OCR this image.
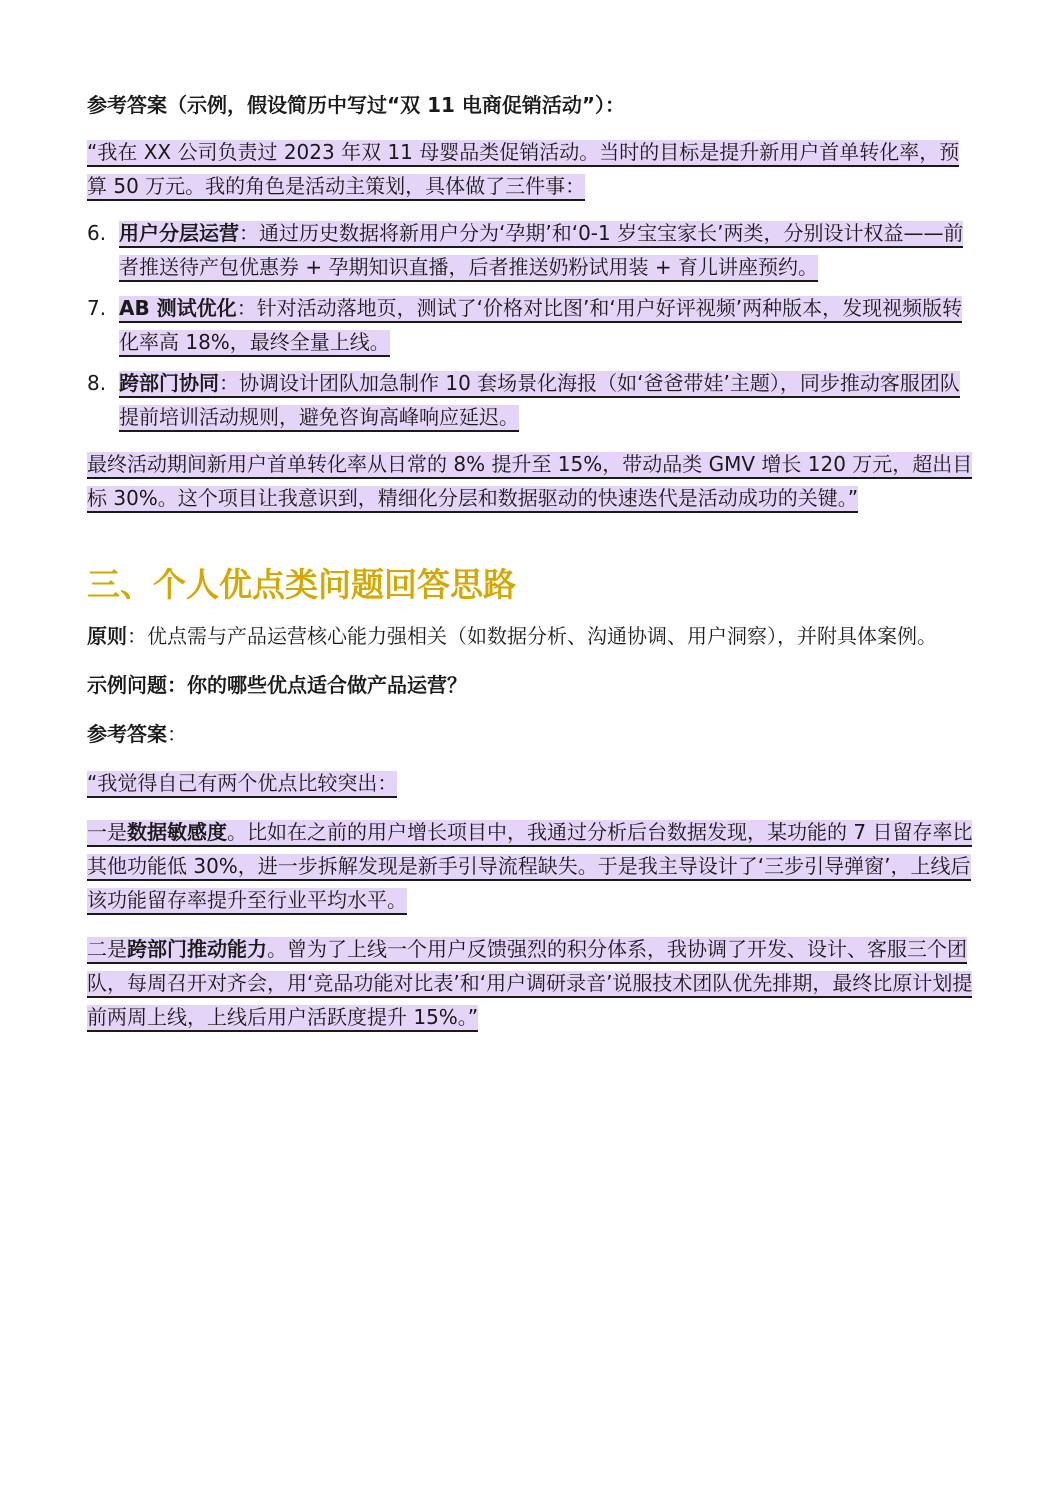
参考答案（示例，假设简历中写过“双 11 电商促销活动”）：

“我在 XX 公司负责过 2023 年双 11 母婴品类促销活动。当时的目标是提升新用户首单转化率，预算 50 万元。我的角色是活动主策划，具体做了三件事：

6. 用户分层运营：通过历史数据将新用户分为‘孕期’和‘0-1 岁宝宝家长’两类，分别设计权益——前者推送待产包优惠券 + 孕期知识直播，后者推送奶粉试用装 + 育儿讲座预约。
7. AB 测试优化：针对活动落地页，测试了‘价格对比图’和‘用户好评视频’两种版本，发现视频版转化率高 18%，最终全量上线。
8. 跨部门协同：协调设计团队加急制作 10 套场景化海报（如‘爸爸带娃’主题），同步推动客服团队提前培训活动规则，避免咨询高峰响应延迟。

最终活动期间新用户首单转化率从日常的 8% 提升至 15%，带动品类 GMV 增长 120 万元，超出目标 30%。这个项目让我意识到，精细化分层和数据驱动的快速迭代是活动成功的关键。”

三、个人优点类问题回答思路

原则：优点需与产品运营核心能力强相关（如数据分析、沟通协调、用户洞察），并附具体案例。

示例问题：你的哪些优点适合做产品运营？

参考答案：

“我觉得自己有两个优点比较突出：

一是数据敏感度。比如在之前的用户增长项目中，我通过分析后台数据发现，某功能的 7 日留存率比其他功能低 30%，进一步拆解发现是新手引导流程缺失。于是我主导设计了‘三步引导弹窗’，上线后该功能留存率提升至行业平均水平。

二是跨部门推动能力。曾为了上线一个用户反馈强烈的积分体系，我协调了开发、设计、客服三个团队，每周召开对齐会，用‘竞品功能对比表’和‘用户调研录音’说服技术团队优先排期，最终比原计划提前两周上线，上线后用户活跃度提升 15%。”
